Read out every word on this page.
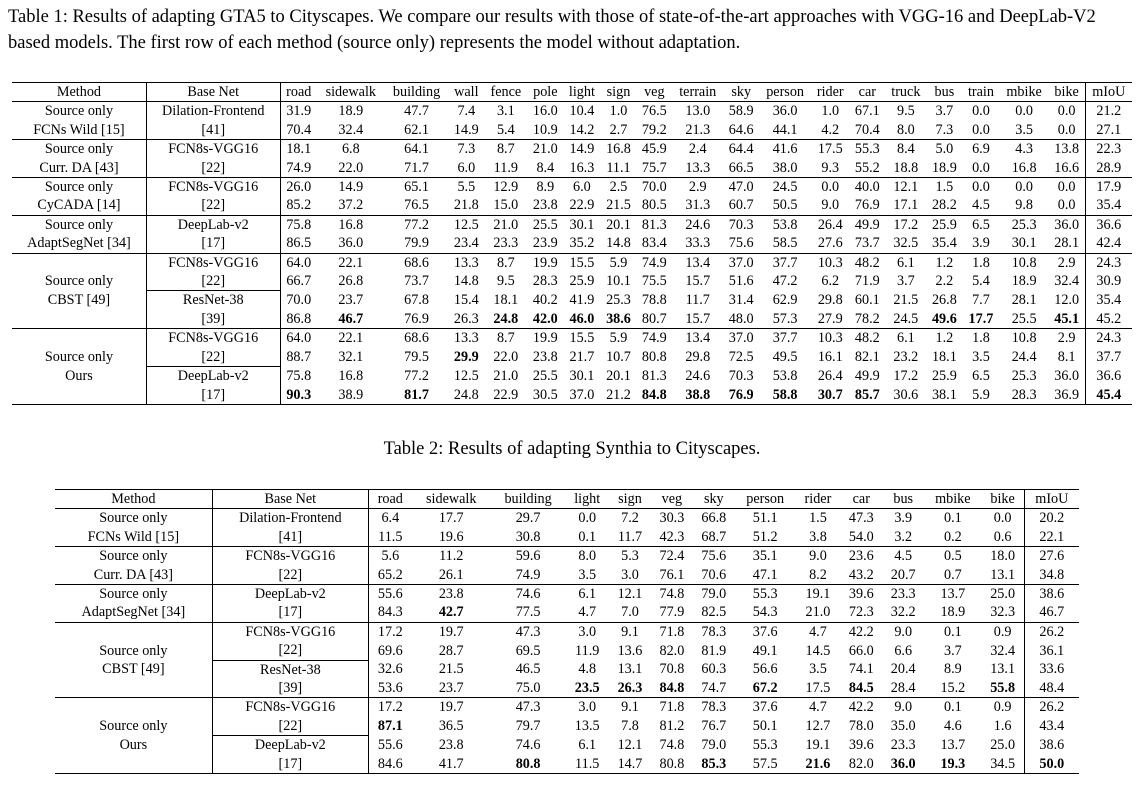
Table 1: Results of adapting GTA5 to Cityscapes. We compare our results with those of state-of-the-art approaches with VGG-16 and DeepLab-V2 based models. The first row of each method (source only) represents the model without adaptation.
Method	Base Net	road	sidewalk	building	wall	fence	pole	light	sign	veg	terrain	sky	person	rider	car	truck	bus	train	mbike	bike	mIoU
Source only	Dilation-Frontend	31.9	18.9	47.7	7.4	3.1	16.0	10.4	1.0	76.5	13.0	58.9	36.0	1.0	67.1	9.5	3.7	0.0	0.0	0.0	21.2
FCNs Wild [15]	[41]	70.4	32.4	62.1	14.9	5.4	10.9	14.2	2.7	79.2	21.3	64.6	44.1	4.2	70.4	8.0	7.3	0.0	3.5	0.0	27.1
Source only	FCN8s-VGG16	18.1	6.8	64.1	7.3	8.7	21.0	14.9	16.8	45.9	2.4	64.4	41.6	17.5	55.3	8.4	5.0	6.9	4.3	13.8	22.3
Curr. DA [43]	[22]	74.9	22.0	71.7	6.0	11.9	8.4	16.3	11.1	75.7	13.3	66.5	38.0	9.3	55.2	18.8	18.9	0.0	16.8	16.6	28.9
Source only	FCN8s-VGG16	26.0	14.9	65.1	5.5	12.9	8.9	6.0	2.5	70.0	2.9	47.0	24.5	0.0	40.0	12.1	1.5	0.0	0.0	0.0	17.9
CyCADA [14]	[22]	85.2	37.2	76.5	21.8	15.0	23.8	22.9	21.5	80.5	31.3	60.7	50.5	9.0	76.9	17.1	28.2	4.5	9.8	0.0	35.4
Source only	DeepLab-v2	75.8	16.8	77.2	12.5	21.0	25.5	30.1	20.1	81.3	24.6	70.3	53.8	26.4	49.9	17.2	25.9	6.5	25.3	36.0	36.6
AdaptSegNet [34]	[17]	86.5	36.0	79.9	23.4	23.3	23.9	35.2	14.8	83.4	33.3	75.6	58.5	27.6	73.7	32.5	35.4	3.9	30.1	28.1	42.4
	FCN8s-VGG16	64.0	22.1	68.6	13.3	8.7	19.9	15.5	5.9	74.9	13.4	37.0	37.7	10.3	48.2	6.1	1.2	1.8	10.8	2.9	24.3
Source only	[22]	66.7	26.8	73.7	14.8	9.5	28.3	25.9	10.1	75.5	15.7	51.6	47.2	6.2	71.9	3.7	2.2	5.4	18.9	32.4	30.9
CBST [49]	ResNet-38	70.0	23.7	67.8	15.4	18.1	40.2	41.9	25.3	78.8	11.7	31.4	62.9	29.8	60.1	21.5	26.8	7.7	28.1	12.0	35.4
	[39]	86.8	46.7	76.9	26.3	24.8	42.0	46.0	38.6	80.7	15.7	48.0	57.3	27.9	78.2	24.5	49.6	17.7	25.5	45.1	45.2
	FCN8s-VGG16	64.0	22.1	68.6	13.3	8.7	19.9	15.5	5.9	74.9	13.4	37.0	37.7	10.3	48.2	6.1	1.2	1.8	10.8	2.9	24.3
Source only	[22]	88.7	32.1	79.5	29.9	22.0	23.8	21.7	10.7	80.8	29.8	72.5	49.5	16.1	82.1	23.2	18.1	3.5	24.4	8.1	37.7
Ours	DeepLab-v2	75.8	16.8	77.2	12.5	21.0	25.5	30.1	20.1	81.3	24.6	70.3	53.8	26.4	49.9	17.2	25.9	6.5	25.3	36.0	36.6
	[17]	90.3	38.9	81.7	24.8	22.9	30.5	37.0	21.2	84.8	38.8	76.9	58.8	30.7	85.7	30.6	38.1	5.9	28.3	36.9	45.4
Table 2: Results of adapting Synthia to Cityscapes.
Method	Base Net	road	sidewalk	building	light	sign	veg	sky	person	rider	car	bus	mbike	bike	mIoU
Source only	Dilation-Frontend	6.4	17.7	29.7	0.0	7.2	30.3	66.8	51.1	1.5	47.3	3.9	0.1	0.0	20.2
FCNs Wild [15]	[41]	11.5	19.6	30.8	0.1	11.7	42.3	68.7	51.2	3.8	54.0	3.2	0.2	0.6	22.1
Source only	FCN8s-VGG16	5.6	11.2	59.6	8.0	5.3	72.4	75.6	35.1	9.0	23.6	4.5	0.5	18.0	27.6
Curr. DA [43]	[22]	65.2	26.1	74.9	3.5	3.0	76.1	70.6	47.1	8.2	43.2	20.7	0.7	13.1	34.8
Source only	DeepLab-v2	55.6	23.8	74.6	6.1	12.1	74.8	79.0	55.3	19.1	39.6	23.3	13.7	25.0	38.6
AdaptSegNet [34]	[17]	84.3	42.7	77.5	4.7	7.0	77.9	82.5	54.3	21.0	72.3	32.2	18.9	32.3	46.7
	FCN8s-VGG16	17.2	19.7	47.3	3.0	9.1	71.8	78.3	37.6	4.7	42.2	9.0	0.1	0.9	26.2
Source only	[22]	69.6	28.7	69.5	11.9	13.6	82.0	81.9	49.1	14.5	66.0	6.6	3.7	32.4	36.1
CBST [49]	ResNet-38	32.6	21.5	46.5	4.8	13.1	70.8	60.3	56.6	3.5	74.1	20.4	8.9	13.1	33.6
	[39]	53.6	23.7	75.0	23.5	26.3	84.8	74.7	67.2	17.5	84.5	28.4	15.2	55.8	48.4
	FCN8s-VGG16	17.2	19.7	47.3	3.0	9.1	71.8	78.3	37.6	4.7	42.2	9.0	0.1	0.9	26.2
Source only	[22]	87.1	36.5	79.7	13.5	7.8	81.2	76.7	50.1	12.7	78.0	35.0	4.6	1.6	43.4
Ours	DeepLab-v2	55.6	23.8	74.6	6.1	12.1	74.8	79.0	55.3	19.1	39.6	23.3	13.7	25.0	38.6
	[17]	84.6	41.7	80.8	11.5	14.7	80.8	85.3	57.5	21.6	82.0	36.0	19.3	34.5	50.0
